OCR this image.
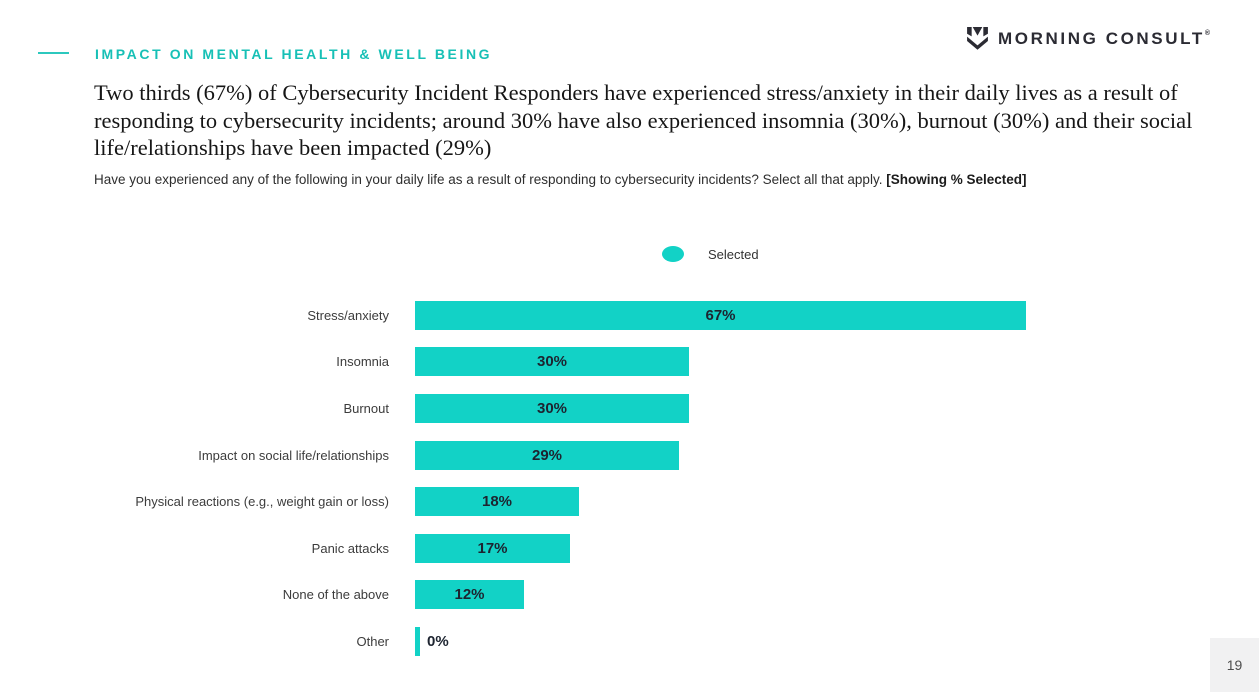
IMPACT ON MENTAL HEALTH & WELL BEING
MORNING CONSULT®
Two thirds (67%) of Cybersecurity Incident Responders have experienced stress/anxiety in their daily lives as a result of responding to cybersecurity incidents; around 30% have also experienced insomnia (30%), burnout (30%) and their social life/relationships have been impacted (29%)
Have you experienced any of the following in your daily life as a result of responding to cybersecurity incidents? Select all that apply. [Showing % Selected]
Selected
Stress/anxiety	67%
Insomnia	30%
Burnout	30%
Impact on social life/relationships	29%
Physical reactions (e.g., weight gain or loss)	18%
Panic attacks	17%
None of the above	12%
Other	0%
19
